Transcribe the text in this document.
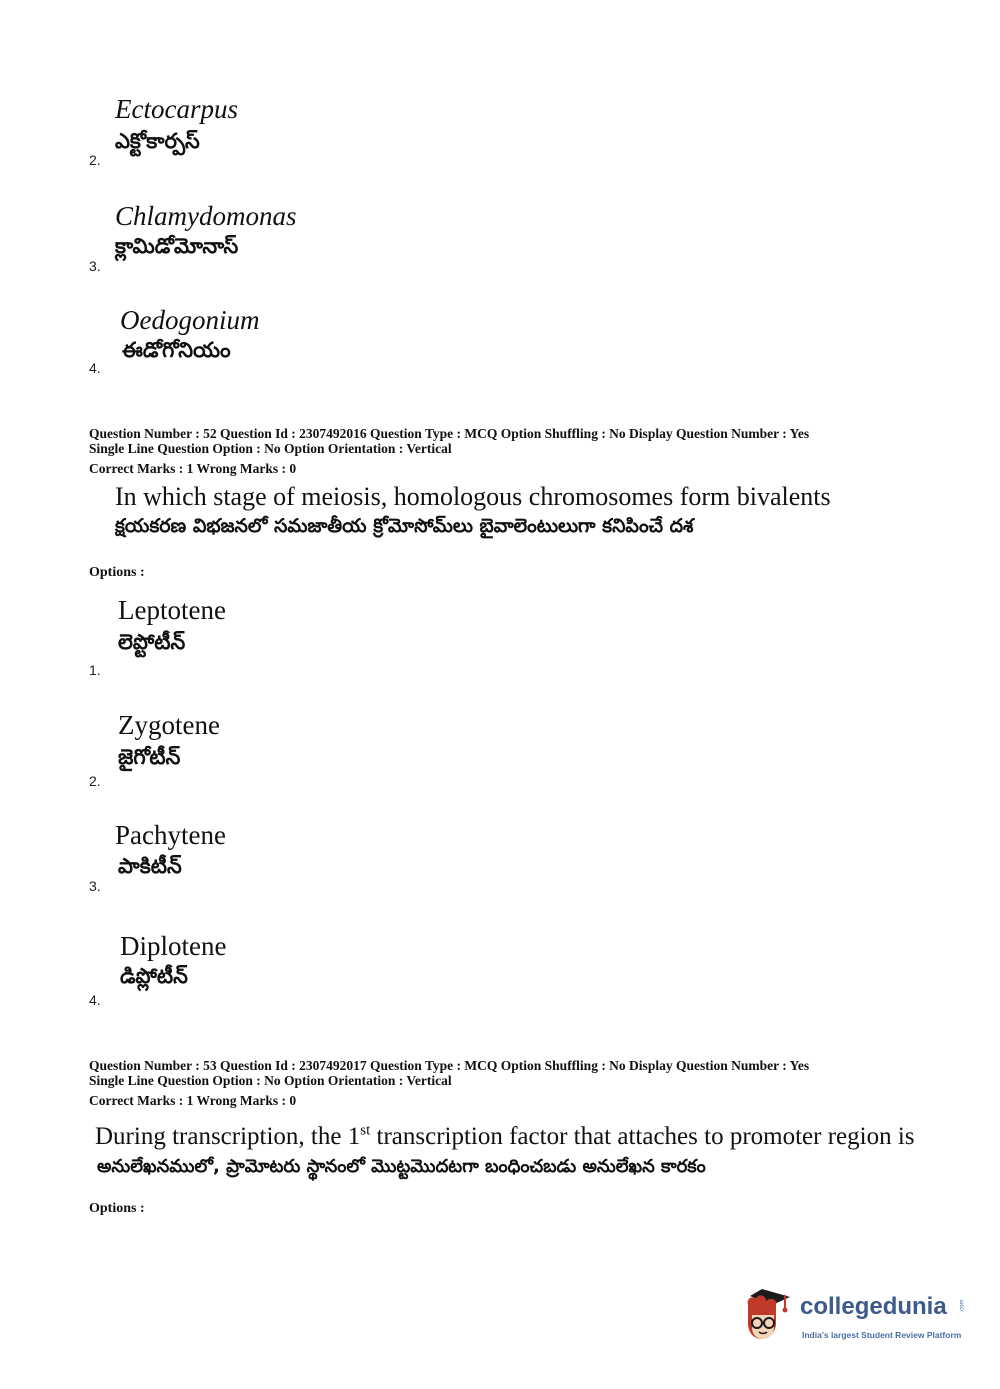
Ectocarpus
ఎక్టోకార్పస్
2.
Chlamydomonas
క్లామిడోమోనాస్
3.
Oedogonium
ఈడోగోనియం
4.
Question Number : 52 Question Id : 2307492016 Question Type : MCQ Option Shuffling : No Display Question Number : Yes
Single Line Question Option : No Option Orientation : Vertical
Correct Marks : 1 Wrong Marks : 0
In which stage of meiosis, homologous chromosomes form bivalents
క్షయకరణ విభజనలో సమజాతీయ క్రోమోసోమ్‌లు బైవాలెంటులుగా కనిపించే దశ
Options :
Leptotene
లెప్టోటీన్
1.
Zygotene
జైగోటీన్
2.
Pachytene
పాకిటీన్
3.
Diplotene
డిప్లోటీన్
4.
Question Number : 53 Question Id : 2307492017 Question Type : MCQ Option Shuffling : No Display Question Number : Yes
Single Line Question Option : No Option Orientation : Vertical
Correct Marks : 1 Wrong Marks : 0
During transcription, the 1st transcription factor that attaches to promoter region is
అనులేఖనములో, ప్రామోటరు స్థానంలో మొట్టమొదటగా బంధించబడు అనులేఖన కారకం
Options :
collegedunia .com
India's largest Student Review Platform
